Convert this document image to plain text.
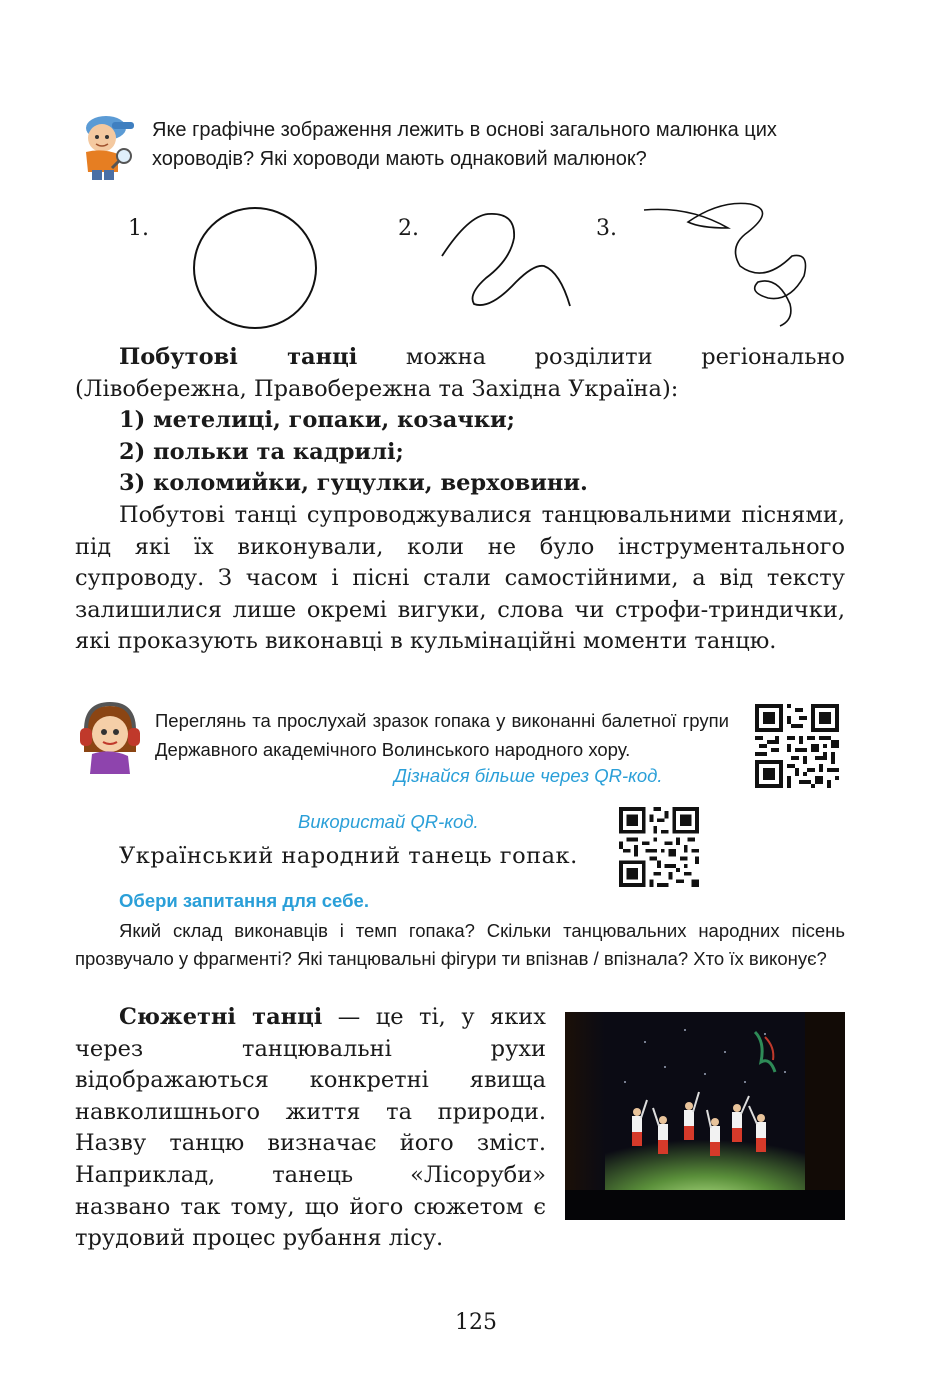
Яке графічне зображення лежить в основі загального малюнка цих
хороводів? Які хороводи мають однаковий малюнок?
1.	2.	3.

Побутові танці можна розділити регіонально (Лівобережна, Правобережна та Західна Україна):

1) метелиці, гопаки, козачки;

2) польки та кадрилі;

3) коломийки, гуцулки, верховини.

Побутові танці супроводжувалися танцювальними піснями, під які їх виконували, коли не було інструментального супроводу. З часом і пісні стали самостійними, а від тексту залишилися лише окремі вигуки, слова чи строфи-триндички, які проказують виконавці в кульмінаційні моменти танцю.

Переглянь та прослухай зразок гопака у виконанні балетної групи Державного академічного Волинського народного хору.
Дізнайся більше через QR-код.
Використай QR-код.
Український народний танець гопак.
Обери запитання для себе.
Який склад виконавців і темп гопака? Скільки танцювальних народних пісень прозвучало у фрагменті? Які танцювальні фігури ти впізнав / впізнала? Хто їх виконує?

Сюжетні танці — це ті, у яких через танцювальні рухи відображаються конкретні явища навколишнього життя та природи. Назву танцю визначає його зміст. Наприклад, танець «Лісоруби» названо так тому, що його сюжетом є трудовий процес рубання лісу.

125
